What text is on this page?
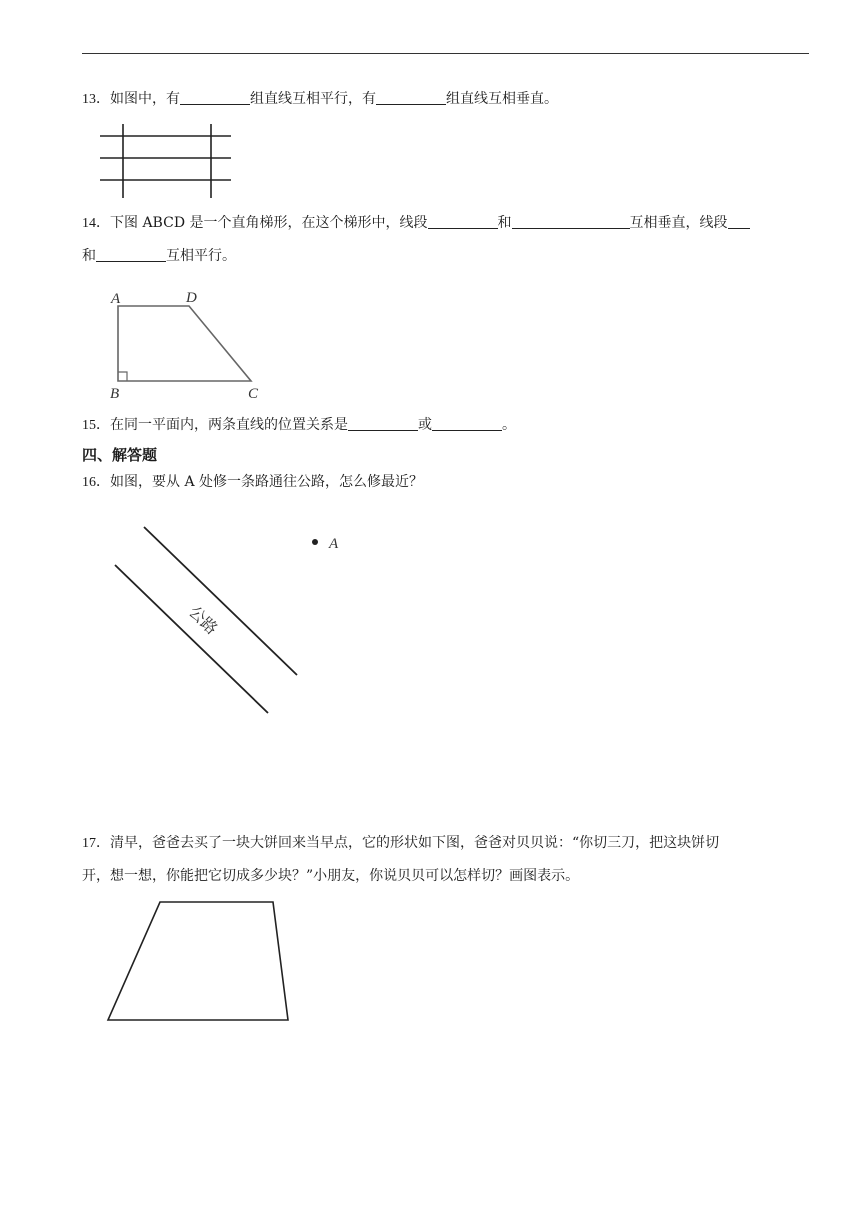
13．如图中，有	组直线互相平行，有	组直线互相垂直。
14．下图 ABCD 是一个直角梯形，在这个梯形中，线段	和	互相垂直，线段
和	互相平行。
A	D
B	C
15．在同一平面内，两条直线的位置关系是	或	。
四、解答题
16．如图，要从 A 处修一条路通往公路，怎么修最近？
A
公路
17．清早，爸爸去买了一块大饼回来当早点，它的形状如下图，爸爸对贝贝说：“你切三刀，把这块饼切
开，想一想，你能把它切成多少块？”小朋友，你说贝贝可以怎样切？画图表示。
